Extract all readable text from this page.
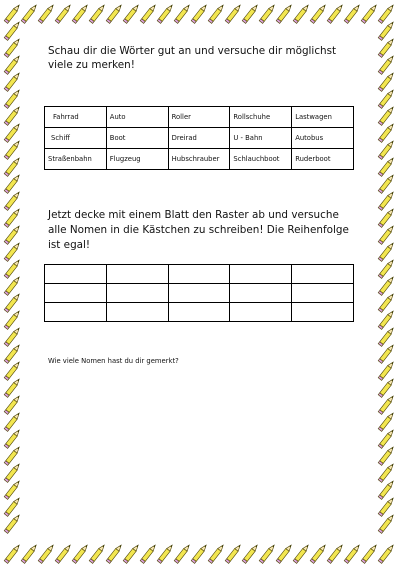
Schau dir die Wörter gut an und versuche dir möglichst viele zu merken!

Fahrrad	Auto	Roller	Rollschuhe	Lastwagen
Schiff	Boot	Dreirad	U - Bahn	Autobus
Straßenbahn	Flugzeug	Hubschrauber	Schlauchboot	Ruderboot

Jetzt decke mit einem Blatt den Raster ab und versuche alle Nomen in die Kästchen zu schreiben! Die Reihenfolge ist egal!

Wie viele Nomen hast du dir gemerkt?
